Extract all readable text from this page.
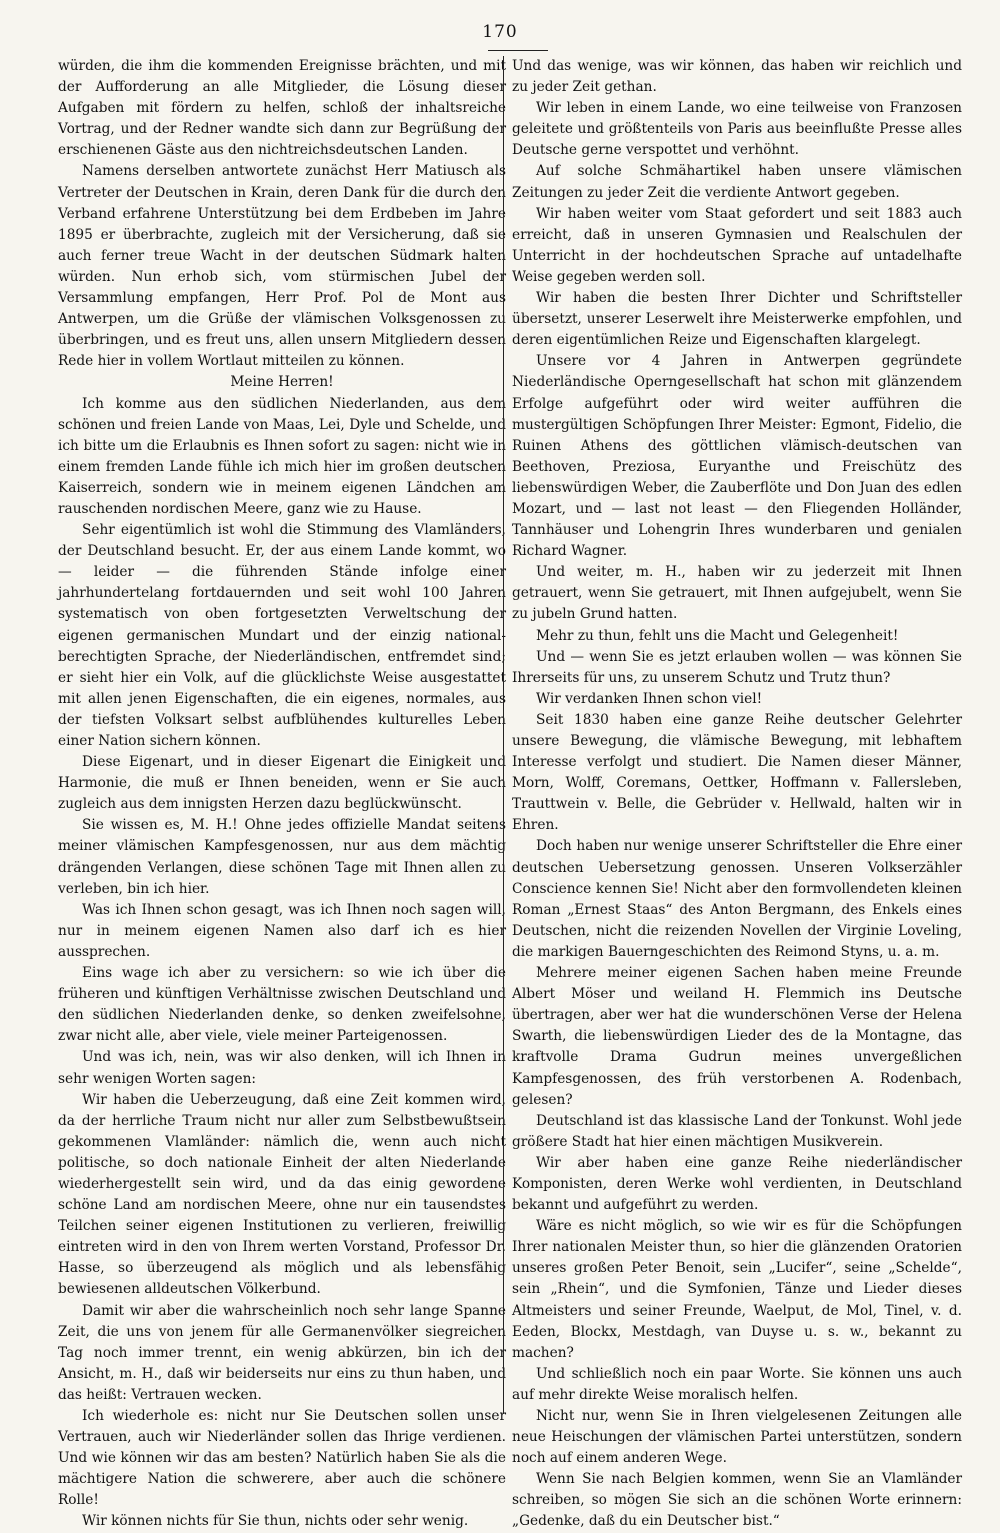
170

würden, die ihm die kommenden Ereignisse brächten, und mit der Aufforderung an alle Mitglieder, die Lösung dieser Aufgaben mit fördern zu helfen, schloß der inhaltsreiche Vortrag, und der Redner wandte sich dann zur Begrüßung der erschienenen Gäste aus den nichtreichsdeutschen Landen.

Namens derselben antwortete zunächst Herr Matiusch als Vertreter der Deutschen in Krain, deren Dank für die durch den Verband erfahrene Unterstützung bei dem Erdbeben im Jahre 1895 er überbrachte, zugleich mit der Versicherung, daß sie auch ferner treue Wacht in der deutschen Südmark halten würden. Nun erhob sich, vom stürmischen Jubel der Versammlung empfangen, Herr Prof. Pol de Mont aus Antwerpen, um die Grüße der vlämischen Volksgenossen zu überbringen, und es freut uns, allen unsern Mitgliedern dessen Rede hier in vollem Wortlaut mitteilen zu können.

Meine Herren!

Ich komme aus den südlichen Niederlanden, aus dem schönen und freien Lande von Maas, Lei, Dyle und Schelde, und ich bitte um die Erlaubnis es Ihnen sofort zu sagen: nicht wie in einem fremden Lande fühle ich mich hier im großen deutschen Kaiserreich, sondern wie in meinem eigenen Ländchen am rauschenden nordischen Meere, ganz wie zu Hause.

Sehr eigentümlich ist wohl die Stimmung des Vlamländers, der Deutschland besucht. Er, der aus einem Lande kommt, wo — leider — die führenden Stände infolge einer jahrhundertelang fortdauernden und seit wohl 100 Jahren systematisch von oben fortgesetzten Verweltschung der eigenen germanischen Mundart und der einzig national-berechtigten Sprache, der Niederländischen, entfremdet sind; er sieht hier ein Volk, auf die glücklichste Weise ausgestattet mit allen jenen Eigenschaften, die ein eigenes, normales, aus der tiefsten Volksart selbst aufblühendes kulturelles Leben einer Nation sichern können.

Diese Eigenart, und in dieser Eigenart die Einigkeit und Harmonie, die muß er Ihnen beneiden, wenn er Sie auch zugleich aus dem innigsten Herzen dazu beglückwünscht.

Sie wissen es, M. H.! Ohne jedes offizielle Mandat seitens meiner vlämischen Kampfesgenossen, nur aus dem mächtig drängenden Verlangen, diese schönen Tage mit Ihnen allen zu verleben, bin ich hier.

Was ich Ihnen schon gesagt, was ich Ihnen noch sagen will, nur in meinem eigenen Namen also darf ich es hier aussprechen.

Eins wage ich aber zu versichern: so wie ich über die früheren und künftigen Verhältnisse zwischen Deutschland und den südlichen Niederlanden denke, so denken zweifelsohne, zwar nicht alle, aber viele, viele meiner Parteigenossen.

Und was ich, nein, was wir also denken, will ich Ihnen in sehr wenigen Worten sagen:

Wir haben die Ueberzeugung, daß eine Zeit kommen wird, da der herrliche Traum nicht nur aller zum Selbstbewußtsein gekommenen Vlamländer: nämlich die, wenn auch nicht politische, so doch nationale Einheit der alten Niederlande wiederhergestellt sein wird, und da das einig gewordene schöne Land am nordischen Meere, ohne nur ein tausendstes Teilchen seiner eigenen Institutionen zu verlieren, freiwillig eintreten wird in den von Ihrem werten Vorstand, Professor Dr. Hasse, so überzeugend als möglich und als lebensfähig bewiesenen alldeutschen Völkerbund.

Damit wir aber die wahrscheinlich noch sehr lange Spanne Zeit, die uns von jenem für alle Germanenvölker siegreichen Tag noch immer trennt, ein wenig abkürzen, bin ich der Ansicht, m. H., daß wir beiderseits nur eins zu thun haben, und das heißt: Vertrauen wecken.

Ich wiederhole es: nicht nur Sie Deutschen sollen unser Vertrauen, auch wir Niederländer sollen das Ihrige verdienen. Und wie können wir das am besten? Natürlich haben Sie als die mächtigere Nation die schwerere, aber auch die schönere Rolle!

Wir können nichts für Sie thun, nichts oder sehr wenig.

Und das wenige, was wir können, das haben wir reichlich und zu jeder Zeit gethan.

Wir leben in einem Lande, wo eine teilweise von Franzosen geleitete und größtenteils von Paris aus beeinflußte Presse alles Deutsche gerne verspottet und verhöhnt.

Auf solche Schmähartikel haben unsere vlämischen Zeitungen zu jeder Zeit die verdiente Antwort gegeben.

Wir haben weiter vom Staat gefordert und seit 1883 auch erreicht, daß in unseren Gymnasien und Realschulen der Unterricht in der hochdeutschen Sprache auf untadelhafte Weise gegeben werden soll.

Wir haben die besten Ihrer Dichter und Schriftsteller übersetzt, unserer Leserwelt ihre Meisterwerke empfohlen, und deren eigentümlichen Reize und Eigenschaften klargelegt.

Unsere vor 4 Jahren in Antwerpen gegründete Niederländische Operngesellschaft hat schon mit glänzendem Erfolge aufgeführt oder wird weiter aufführen die mustergültigen Schöpfungen Ihrer Meister: Egmont, Fidelio, die Ruinen Athens des göttlichen vlämisch-deutschen van Beethoven, Preziosa, Euryanthe und Freischütz des liebenswürdigen Weber, die Zauberflöte und Don Juan des edlen Mozart, und — last not least — den Fliegenden Holländer, Tannhäuser und Lohengrin Ihres wunderbaren und genialen Richard Wagner.

Und weiter, m. H., haben wir zu jederzeit mit Ihnen getrauert, wenn Sie getrauert, mit Ihnen aufgejubelt, wenn Sie zu jubeln Grund hatten.

Mehr zu thun, fehlt uns die Macht und Gelegenheit!

Und — wenn Sie es jetzt erlauben wollen — was können Sie Ihrerseits für uns, zu unserem Schutz und Trutz thun?

Wir verdanken Ihnen schon viel!

Seit 1830 haben eine ganze Reihe deutscher Gelehrter unsere Bewegung, die vlämische Bewegung, mit lebhaftem Interesse verfolgt und studiert. Die Namen dieser Männer, Morn, Wolff, Coremans, Oettker, Hoffmann v. Fallersleben, Trauttwein v. Belle, die Gebrüder v. Hellwald, halten wir in Ehren.

Doch haben nur wenige unserer Schriftsteller die Ehre einer deutschen Uebersetzung genossen. Unseren Volkserzähler Conscience kennen Sie! Nicht aber den formvollendeten kleinen Roman „Ernest Staas“ des Anton Bergmann, des Enkels eines Deutschen, nicht die reizenden Novellen der Virginie Loveling, die markigen Bauerngeschichten des Reimond Styns, u. a. m.

Mehrere meiner eigenen Sachen haben meine Freunde Albert Möser und weiland H. Flemmich ins Deutsche übertragen, aber wer hat die wunderschönen Verse der Helena Swarth, die liebenswürdigen Lieder des de la Montagne, das kraftvolle Drama Gudrun meines unvergeßlichen Kampfesgenossen, des früh verstorbenen A. Rodenbach, gelesen?

Deutschland ist das klassische Land der Tonkunst. Wohl jede größere Stadt hat hier einen mächtigen Musikverein.

Wir aber haben eine ganze Reihe niederländischer Komponisten, deren Werke wohl verdienten, in Deutschland bekannt und aufgeführt zu werden.

Wäre es nicht möglich, so wie wir es für die Schöpfungen Ihrer nationalen Meister thun, so hier die glänzenden Oratorien unseres großen Peter Benoit, sein „Lucifer“, seine „Schelde“, sein „Rhein“, und die Symfonien, Tänze und Lieder dieses Altmeisters und seiner Freunde, Waelput, de Mol, Tinel, v. d. Eeden, Blockx, Mestdagh, van Duyse u. s. w., bekannt zu machen?

Und schließlich noch ein paar Worte. Sie können uns auch auf mehr direkte Weise moralisch helfen.

Nicht nur, wenn Sie in Ihren vielgelesenen Zeitungen alle neue Heischungen der vlämischen Partei unterstützen, sondern noch auf einem anderen Wege.

Wenn Sie nach Belgien kommen, wenn Sie an Vlamländer schreiben, so mögen Sie sich an die schönen Worte erinnern: „Gedenke, daß du ein Deutscher bist.“
